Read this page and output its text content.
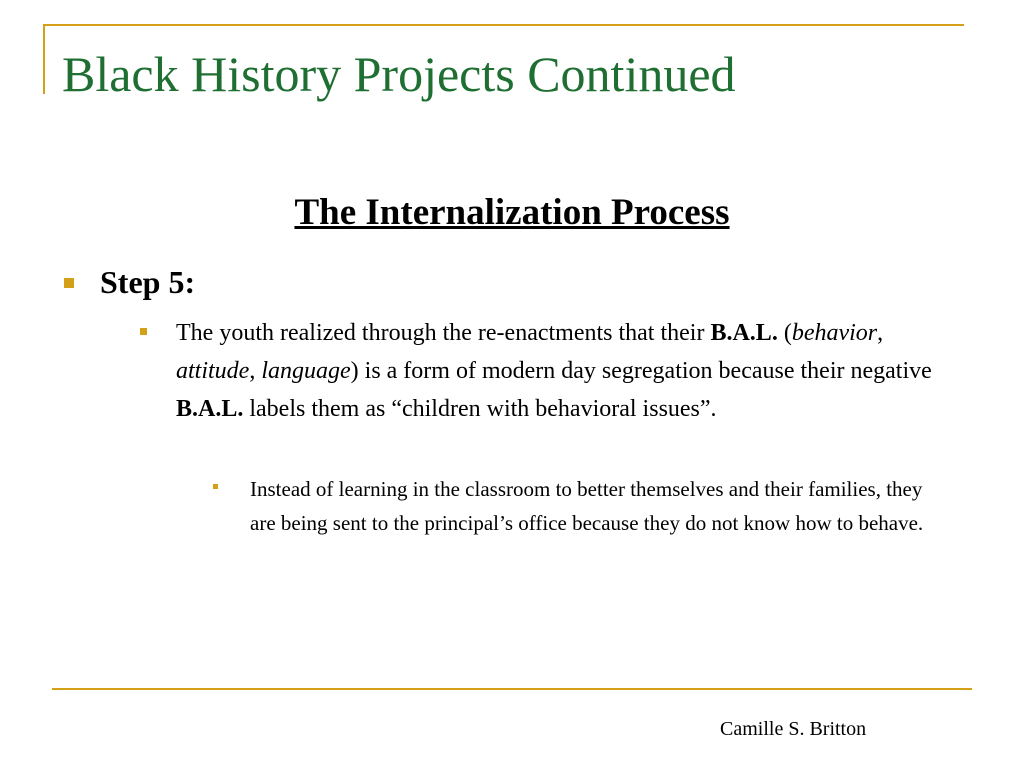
Black History Projects Continued
The Internalization Process
Step 5:
The youth realized through the re-enactments that their B.A.L. (behavior, attitude, language) is a form of modern day segregation because their negative B.A.L. labels them as “children with behavioral issues”.
Instead of learning in the classroom to better themselves and their families, they are being sent to the principal’s office because they do not know how to behave.
Camille S. Britton
